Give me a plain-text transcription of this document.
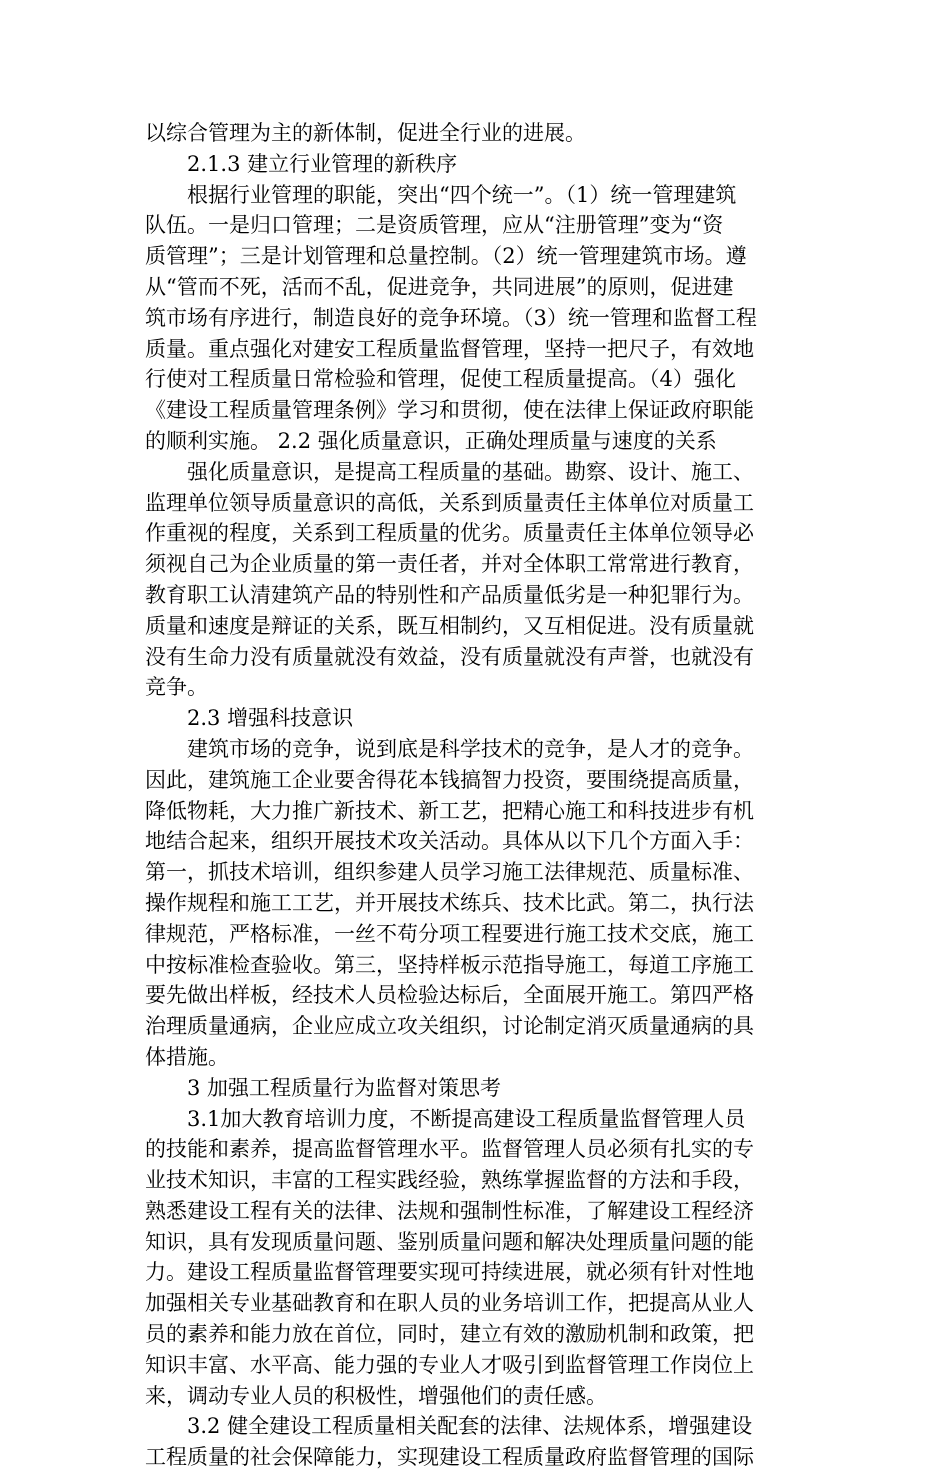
以综合管理为主的新体制，促进全行业的进展。
2.1.3 建立行业管理的新秩序
根据行业管理的职能，突出“四个统一”。（1）统一管理建筑
队伍。一是归口管理；二是资质管理，应从“注册管理”变为“资
质管理”；三是计划管理和总量控制。（2）统一管理建筑市场。遵
从“管而不死，活而不乱，促进竞争，共同进展”的原则，促进建
筑市场有序进行，制造良好的竞争环境。（3）统一管理和监督工程
质量。重点强化对建安工程质量监督管理，坚持一把尺子，有效地
行使对工程质量日常检验和管理，促使工程质量提高。（4）强化
《建设工程质量管理条例》学习和贯彻，使在法律上保证政府职能
的顺利实施。 2.2 强化质量意识，正确处理质量与速度的关系
强化质量意识，是提高工程质量的基础。勘察、设计、施工、
监理单位领导质量意识的高低，关系到质量责任主体单位对质量工
作重视的程度，关系到工程质量的优劣。质量责任主体单位领导必
须视自己为企业质量的第一责任者，并对全体职工常常进行教育，
教育职工认清建筑产品的特别性和产品质量低劣是一种犯罪行为。
质量和速度是辩证的关系，既互相制约，又互相促进。没有质量就
没有生命力没有质量就没有效益，没有质量就没有声誉，也就没有
竞争。
2.3 增强科技意识
建筑市场的竞争，说到底是科学技术的竞争，是人才的竞争。
因此，建筑施工企业要舍得花本钱搞智力投资，要围绕提高质量，
降低物耗，大力推广新技术、新工艺，把精心施工和科技进步有机
地结合起来，组织开展技术攻关活动。具体从以下几个方面入手：
第一，抓技术培训，组织参建人员学习施工法律规范、质量标准、
操作规程和施工工艺，并开展技术练兵、技术比武。第二，执行法
律规范，严格标准，一丝不苟分项工程要进行施工技术交底，施工
中按标准检查验收。第三，坚持样板示范指导施工，每道工序施工
要先做出样板，经技术人员检验达标后，全面展开施工。第四严格
治理质量通病，企业应成立攻关组织，讨论制定消灭质量通病的具
体措施。
3 加强工程质量行为监督对策思考
3.1加大教育培训力度，不断提高建设工程质量监督管理人员
的技能和素养，提高监督管理水平。监督管理人员必须有扎实的专
业技术知识，丰富的工程实践经验，熟练掌握监督的方法和手段，
熟悉建设工程有关的法律、法规和强制性标准，了解建设工程经济
知识，具有发现质量问题、鉴别质量问题和解决处理质量问题的能
力。建设工程质量监督管理要实现可持续进展，就必须有针对性地
加强相关专业基础教育和在职人员的业务培训工作，把提高从业人
员的素养和能力放在首位，同时，建立有效的激励机制和政策，把
知识丰富、水平高、能力强的专业人才吸引到监督管理工作岗位上
来，调动专业人员的积极性，增强他们的责任感。
3.2 健全建设工程质量相关配套的法律、法规体系，增强建设
工程质量的社会保障能力，实现建设工程质量政府监督管理的国际
